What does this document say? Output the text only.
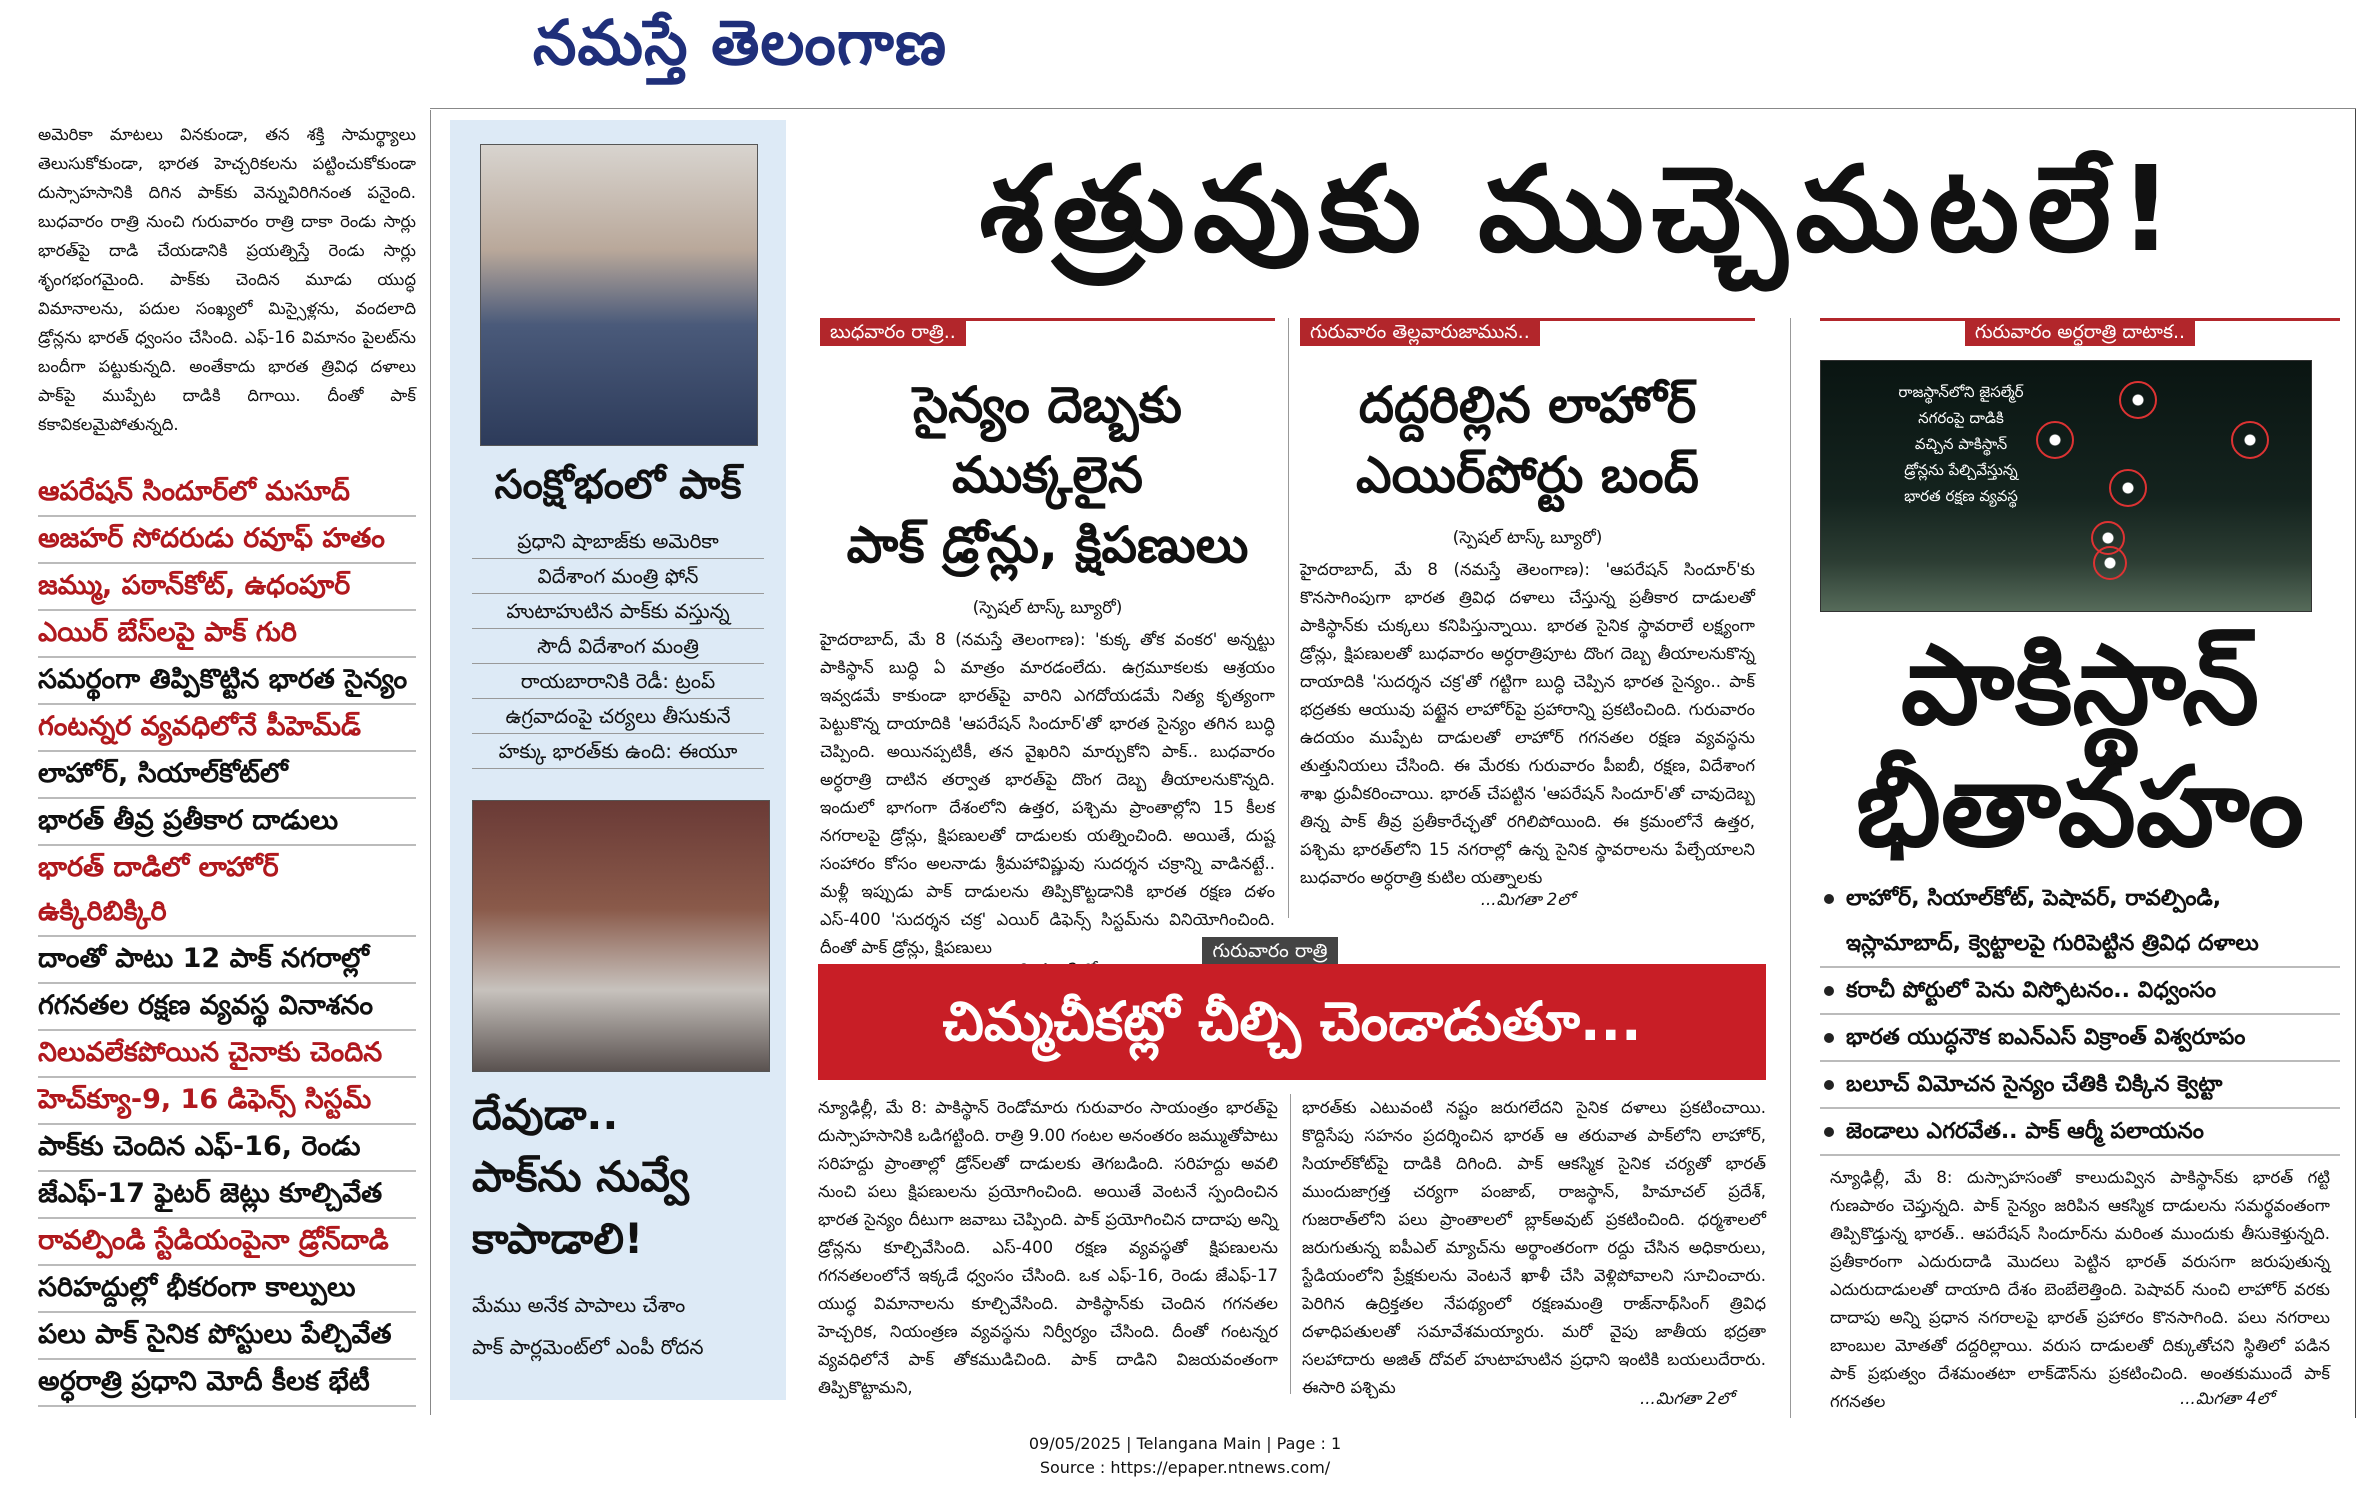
నమస్తే తెలంగాణ
అమెరికా మాటలు వినకుండా, తన శక్తి సామర్థ్యాలు తెలుసుకోకుండా, భారత హెచ్చరికలను పట్టించుకోకుండా దుస్సాహసానికి దిగిన పాక్‌కు వెన్నువిరిగినంత పనైంది. బుధవారం రాత్రి నుంచి గురువారం రాత్రి దాకా రెండు సార్లు భారత్‌పై దాడి చేయడానికి ప్రయత్నిస్తే రెండు సార్లు శృంగభంగమైంది. పాక్‌కు చెందిన మూడు యుద్ధ విమానాలను, పదుల సంఖ్యలో మిస్సైళ్లను, వందలాది డ్రోన్లను భారత్ ధ్వంసం చేసింది. ఎఫ్-16 విమానం పైలట్‌ను బందీగా పట్టుకున్నది. అంతేకాదు భారత త్రివిధ దళాలు పాక్‌పై ముప్పేట దాడికి దిగాయి. దీంతో పాక్ కకావికలమైపోతున్నది.
ఆపరేషన్ సిందూర్‌లో మసూద్
అజహర్ సోదరుడు రవూఫ్ హతం
జమ్ము, పఠాన్‌కోట్, ఉధంపూర్
ఎయిర్ బేస్‌లపై పాక్ గురి
సమర్థంగా తిప్పికొట్టిన భారత సైన్యం
గంటన్నర వ్యవధిలోనే పీహెమ్‌డ్
లాహోర్, సియాల్‌కోట్‌లో
భారత్ తీవ్ర ప్రతీకార దాడులు
భారత్ దాడిలో లాహోర్ ఉక్కిరిబిక్కిరి
దాంతో పాటు 12 పాక్ నగరాల్లో
గగనతల రక్షణ వ్యవస్థ వినాశనం
నిలువలేకపోయిన చైనాకు చెందిన
హెచ్‌క్యూ-9, 16 డిఫెన్స్ సిస్టమ్
పాక్‌కు చెందిన ఎఫ్-16, రెండు
జేఎఫ్-17 ఫైటర్ జెట్లు కూల్చివేత
రావల్పిండి స్టేడియంపైనా డ్రోన్‌దాడి
సరిహద్దుల్లో భీకరంగా కాల్పులు
పలు పాక్ సైనిక పోస్టులు పేల్చివేత
అర్ధరాత్రి ప్రధాని మోదీ కీలక భేటీ
సంక్షోభంలో పాక్
ప్రధాని షాబాజ్‌కు అమెరికా
విదేశాంగ మంత్రి ఫోన్
హుటాహుటిన పాక్‌కు వస్తున్న
సౌదీ విదేశాంగ మంత్రి
రాయబారానికి రెడీ: ట్రంప్
ఉగ్రవాదంపై చర్యలు తీసుకునే
హక్కు భారత్‌కు ఉంది: ఈయూ
దేవుడా..
పాక్‌ను నువ్వే
కాపాడాలి!
మేము అనేక పాపాలు చేశాం
పాక్ పార్లమెంట్‌లో ఎంపీ రోదన
శత్రువుకు ముచ్చెమటలే!
బుధవారం రాత్రి..
సైన్యం దెబ్బకు ముక్కలైన
పాక్ డ్రోన్లు, క్షిపణులు
(స్పెషల్ టాస్క్ బ్యూరో)
హైదరాబాద్, మే 8 (నమస్తే తెలంగాణ): 'కుక్క తోక వంకర' అన్నట్టు పాకిస్థాన్ బుద్ధి ఏ మాత్రం మారడంలేదు. ఉగ్రమూకలకు ఆశ్రయం ఇవ్వడమే కాకుండా భారత్‌పై వారిని ఎగదోయడమే నిత్య కృత్యంగా పెట్టుకొన్న దాయాదికి 'ఆపరేషన్ సిందూర్'తో భారత సైన్యం తగిన బుద్ధి చెప్పింది. అయినప్పటికీ, తన వైఖరిని మార్చుకోని పాక్.. బుధవారం అర్ధరాత్రి దాటిన తర్వాత భారత్‌పై దొంగ దెబ్బ తీయాలనుకొన్నది. ఇందులో భాగంగా దేశంలోని ఉత్తర, పశ్చిమ ప్రాంతాల్లోని 15 కీలక నగరాలపై డ్రోన్లు, క్షిపణులతో దాడులకు యత్నించింది. అయితే, దుష్ట సంహారం కోసం అలనాడు శ్రీమహావిష్ణువు సుదర్శన చక్రాన్ని వాడినట్టే.. మళ్లీ ఇప్పుడు పాక్ దాడులను తిప్పికొట్టడానికి భారత రక్షణ దళం ఎస్-400 'సుదర్శన చక్ర' ఎయిర్ డిఫెన్స్ సిస్టమ్‌ను వినియోగించింది. దీంతో పాక్ డ్రోన్లు, క్షిపణులు
గురువారం తెల్లవారుజామున..
దద్దరిల్లిన లాహోర్
ఎయిర్‌పోర్టు బంద్
(స్పెషల్ టాస్క్ బ్యూరో)
హైదరాబాద్, మే 8 (నమస్తే తెలంగాణ): 'ఆపరేషన్ సిందూర్'కు కొనసాగింపుగా భారత త్రివిధ దళాలు చేస్తున్న ప్రతీకార దాడులతో పాకిస్థాన్‌కు చుక్కలు కనిపిస్తున్నాయి. భారత సైనిక స్థావరాలే లక్ష్యంగా డ్రోన్లు, క్షిపణులతో బుధవారం అర్ధరాత్రిపూట దొంగ దెబ్బ తీయాలనుకొన్న దాయాదికి 'సుదర్శన చక్ర'తో గట్టిగా బుద్ధి చెప్పిన భారత సైన్యం.. పాక్ భద్రతకు ఆయువు పట్టైన లాహోర్‌పై ప్రహారాన్ని ప్రకటించింది. గురువారం ఉదయం ముప్పేట దాడులతో లాహోర్ గగనతల రక్షణ వ్యవస్థను తుత్తునియలు చేసింది. ఈ మేరకు గురువారం పీఐబీ, రక్షణ, విదేశాంగ శాఖ ధ్రువీకరించాయి. భారత్ చేపట్టిన 'ఆపరేషన్ సిందూర్'తో చావుదెబ్బ తిన్న పాక్ తీవ్ర ప్రతీకారేచ్ఛతో రగిలిపోయింది. ఈ క్రమంలోనే ఉత్తర, పశ్చిమ భారత్‌లోని 15 నగరాల్లో ఉన్న సైనిక స్థావరాలను పేల్చేయాలని బుధవారం అర్ధరాత్రి కుటిల యత్నాలకు
...మిగతా 2లో
గురువారం అర్ధరాత్రి దాటాక..
రాజస్థాన్‌లోని జైసల్మేర్
నగరంపై దాడికి
వచ్చిన పాకిస్థాన్
డ్రోన్లను పేల్చివేస్తున్న
భారత రక్షణ వ్యవస్థ
పాకిస్థాన్
భీతావహం
లాహోర్, సియాల్‌కోట్, పెషావర్, రావల్పిండి, ఇస్లామాబాద్, క్వెట్టాలపై గురిపెట్టిన త్రివిధ దళాలు
కరాచీ పోర్టులో పెను విస్ఫోటనం.. విధ్వంసం
భారత యుద్ధనౌక ఐఎన్ఎస్ విక్రాంత్ విశ్వరూపం
బలూచ్ విమోచన సైన్యం చేతికి చిక్కిన క్వెట్టా
జెండాలు ఎగరవేత.. పాక్ ఆర్మీ పలాయనం
న్యూఢిల్లీ, మే 8: దుస్సాహసంతో కాలుదువ్విన పాకిస్థాన్‌కు భారత్ గట్టి గుణపాఠం చెప్తున్నది. పాక్ సైన్యం జరిపిన ఆకస్మిక దాడులను సమర్థవంతంగా తిప్పికొడ్తున్న భారత్.. ఆపరేషన్ సిందూర్‌ను మరింత ముందుకు తీసుకెళ్తున్నది. ప్రతీకారంగా ఎదురుదాడి మొదలు పెట్టిన భారత్ వరుసగా జరుపుతున్న ఎదురుదాడులతో దాయాది దేశం బెంబేలెత్తింది. పెషావర్ నుంచి లాహోర్ వరకు దాదాపు అన్ని ప్రధాన నగరాలపై భారత్ ప్రహారం కొనసాగింది. పలు నగరాలు బాంబుల మోతతో దద్దరిల్లాయి. వరుస దాడులతో దిక్కుతోచని స్థితిలో పడిన పాక్ ప్రభుత్వం దేశమంతటా లాక్‌డౌన్‌ను ప్రకటించింది. అంతకుముందే పాక్ గగనతల	...మిగతా 4లో
గురువారం రాత్రి
చిమ్మచీకట్లో చీల్చి చెండాడుతూ...
న్యూఢిల్లీ, మే 8: పాకిస్థాన్ రెండోమారు గురువారం సాయంత్రం భారత్‌పై దుస్సాహసానికి ఒడిగట్టింది. రాత్రి 9.00 గంటల అనంతరం జమ్ముతోపాటు సరిహద్దు ప్రాంతాల్లో డ్రోన్‌లతో దాడులకు తెగబడింది. సరిహద్దు అవలి నుంచి పలు క్షిపణులను ప్రయోగించింది. అయితే వెంటనే స్పందించిన భారత సైన్యం దీటుగా జవాబు చెప్పింది. పాక్ ప్రయోగించిన దాదాపు అన్ని డ్రోన్లను కూల్చివేసింది. ఎస్-400 రక్షణ వ్యవస్థతో క్షిపణులను గగనతలంలోనే ఇక్కడే ధ్వంసం చేసింది. ఒక ఎఫ్-16, రెండు జేఎఫ్-17 యుద్ధ విమానాలను కూల్చివేసింది. పాకిస్థాన్‌కు చెందిన గగనతల హెచ్చరిక, నియంత్రణ వ్యవస్థను నిర్వీర్యం చేసింది. దీంతో గంటన్నర వ్యవధిలోనే పాక్ తోకముడిచింది. పాక్ దాడిని విజయవంతంగా తిప్పికొట్టామని,
భారత్‌కు ఎటువంటి నష్టం జరుగలేదని సైనిక దళాలు ప్రకటించాయి. కొద్దిసేపు సహనం ప్రదర్శించిన భారత్ ఆ తరువాత పాక్‌లోని లాహోర్, సియాల్‌కోట్‌పై దాడికి దిగింది. పాక్ ఆకస్మిక సైనిక చర్యతో భారత్ ముందుజాగ్రత్త చర్యగా పంజాబ్, రాజస్థాన్, హిమాచల్ ప్రదేశ్, గుజరాత్‌లోని పలు ప్రాంతాలలో బ్లాక్‌అవుట్ ప్రకటించింది. ధర్మశాలలో జరుగుతున్న ఐపీఎల్ మ్యాచ్‌ను అర్థాంతరంగా రద్దు చేసిన అధికారులు, స్టేడియంలోని ప్రేక్షకులను వెంటనే ఖాళీ చేసి వెళ్లిపోవాలని సూచించారు. పెరిగిన ఉద్రిక్తతల నేపథ్యంలో రక్షణమంత్రి రాజ్‌నాథ్‌సింగ్ త్రివిధ దళాధిపతులతో సమావేశమయ్యారు. మరో వైపు జాతీయ భద్రతా సలహాదారు అజిత్ దోవల్ హుటాహుటిన ప్రధాని ఇంటికి బయలుదేరారు. ఈసారి పశ్చిమ
...మిగతా 2లో
09/05/2025 | Telangana Main | Page : 1
Source : https://epaper.ntnews.com/
